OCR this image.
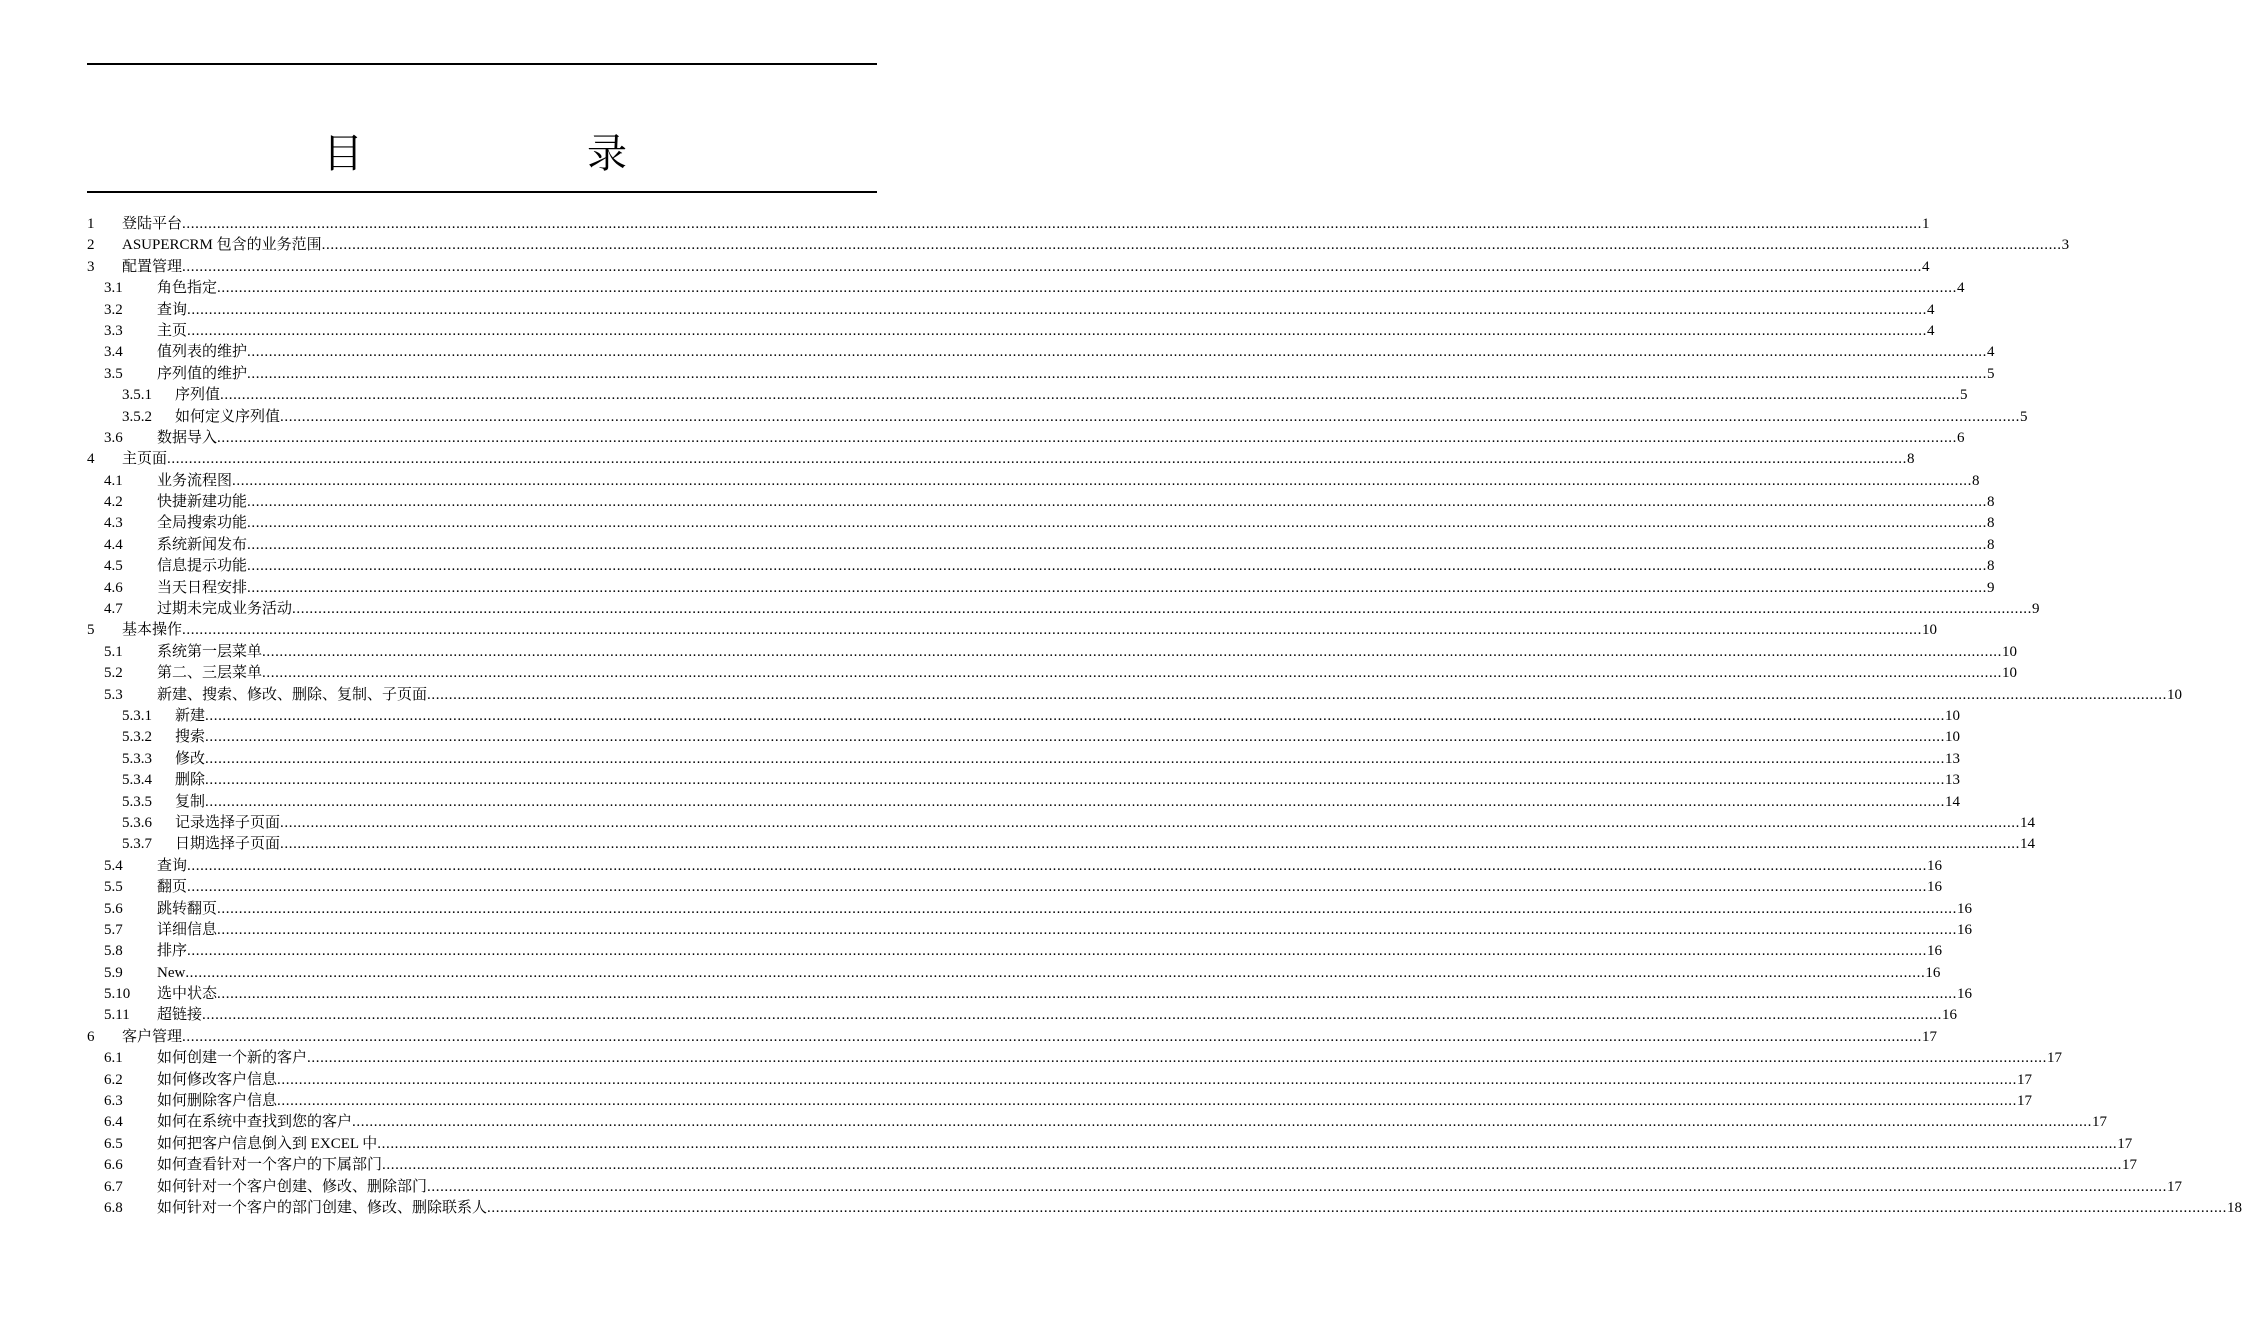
目　录
1 登陆平台 ................................................................................................................................................................................................................................................................................................................................................................................................................ 1
2 ASUPERCRM 包含的业务范围 ................................................................................................................................................................................................................................................................................................................................................................................................................ 3
3 配置管理 ................................................................................................................................................................................................................................................................................................................................................................................................................ 4
3.1 角色指定 ................................................................................................................................................................................................................................................................................................................................................................................................................ 4
3.2 查询 ................................................................................................................................................................................................................................................................................................................................................................................................................ 4
3.3 主页 ................................................................................................................................................................................................................................................................................................................................................................................................................ 4
3.4 值列表的维护 ................................................................................................................................................................................................................................................................................................................................................................................................................ 4
3.5 序列值的维护 ................................................................................................................................................................................................................................................................................................................................................................................................................ 5
3.5.1 序列值 ................................................................................................................................................................................................................................................................................................................................................................................................................ 5
3.5.2 如何定义序列值 ................................................................................................................................................................................................................................................................................................................................................................................................................ 5
3.6 数据导入 ................................................................................................................................................................................................................................................................................................................................................................................................................ 6
4 主页面 ................................................................................................................................................................................................................................................................................................................................................................................................................ 8
4.1 业务流程图 ................................................................................................................................................................................................................................................................................................................................................................................................................ 8
4.2 快捷新建功能 ................................................................................................................................................................................................................................................................................................................................................................................................................ 8
4.3 全局搜索功能 ................................................................................................................................................................................................................................................................................................................................................................................................................ 8
4.4 系统新闻发布 ................................................................................................................................................................................................................................................................................................................................................................................................................ 8
4.5 信息提示功能 ................................................................................................................................................................................................................................................................................................................................................................................................................ 8
4.6 当天日程安排 ................................................................................................................................................................................................................................................................................................................................................................................................................ 9
4.7 过期未完成业务活动 ................................................................................................................................................................................................................................................................................................................................................................................................................ 9
5 基本操作 ................................................................................................................................................................................................................................................................................................................................................................................................................ 10
5.1 系统第一层菜单 ................................................................................................................................................................................................................................................................................................................................................................................................................ 10
5.2 第二、三层菜单 ................................................................................................................................................................................................................................................................................................................................................................................................................ 10
5.3 新建、搜索、修改、删除、复制、子页面 ................................................................................................................................................................................................................................................................................................................................................................................................................ 10
5.3.1 新建 ................................................................................................................................................................................................................................................................................................................................................................................................................ 10
5.3.2 搜索 ................................................................................................................................................................................................................................................................................................................................................................................................................ 10
5.3.3 修改 ................................................................................................................................................................................................................................................................................................................................................................................................................ 13
5.3.4 删除 ................................................................................................................................................................................................................................................................................................................................................................................................................ 13
5.3.5 复制 ................................................................................................................................................................................................................................................................................................................................................................................................................ 14
5.3.6 记录选择子页面 ................................................................................................................................................................................................................................................................................................................................................................................................................ 14
5.3.7 日期选择子页面 ................................................................................................................................................................................................................................................................................................................................................................................................................ 14
5.4 查询 ................................................................................................................................................................................................................................................................................................................................................................................................................ 16
5.5 翻页 ................................................................................................................................................................................................................................................................................................................................................................................................................ 16
5.6 跳转翻页 ................................................................................................................................................................................................................................................................................................................................................................................................................ 16
5.7 详细信息 ................................................................................................................................................................................................................................................................................................................................................................................................................ 16
5.8 排序 ................................................................................................................................................................................................................................................................................................................................................................................................................ 16
5.9 New ................................................................................................................................................................................................................................................................................................................................................................................................................ 16
5.10 选中状态 ................................................................................................................................................................................................................................................................................................................................................................................................................ 16
5.11 超链接 ................................................................................................................................................................................................................................................................................................................................................................................................................ 16
6 客户管理 ................................................................................................................................................................................................................................................................................................................................................................................................................ 17
6.1 如何创建一个新的客户 ................................................................................................................................................................................................................................................................................................................................................................................................................ 17
6.2 如何修改客户信息 ................................................................................................................................................................................................................................................................................................................................................................................................................ 17
6.3 如何删除客户信息 ................................................................................................................................................................................................................................................................................................................................................................................................................ 17
6.4 如何在系统中查找到您的客户 ................................................................................................................................................................................................................................................................................................................................................................................................................ 17
6.5 如何把客户信息倒入到 EXCEL 中 ................................................................................................................................................................................................................................................................................................................................................................................................................ 17
6.6 如何查看针对一个客户的下属部门 ................................................................................................................................................................................................................................................................................................................................................................................................................ 17
6.7 如何针对一个客户创建、修改、删除部门 ................................................................................................................................................................................................................................................................................................................................................................................................................ 17
6.8 如何针对一个客户的部门创建、修改、删除联系人 ................................................................................................................................................................................................................................................................................................................................................................................................................ 18
